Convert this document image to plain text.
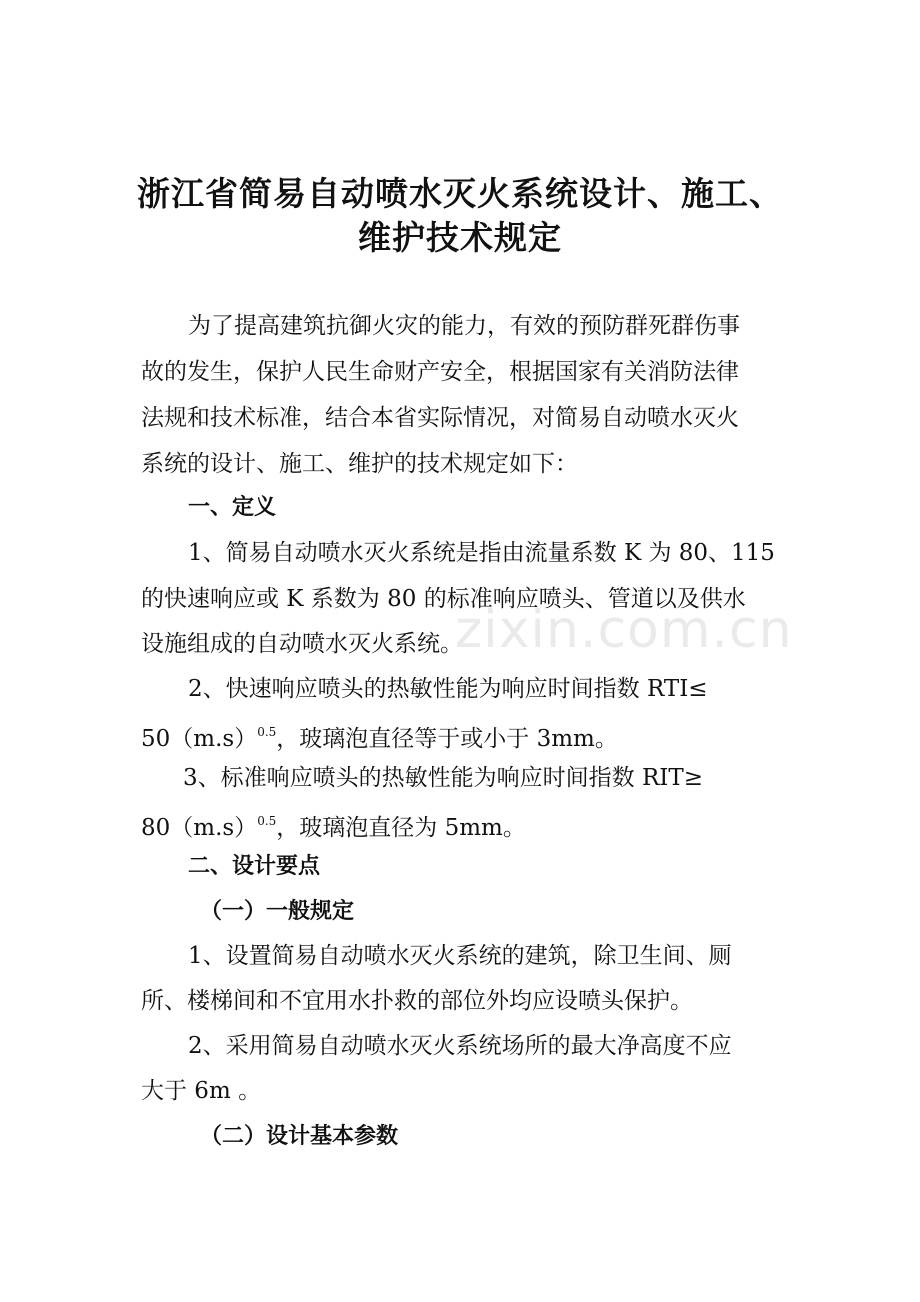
浙江省简易自动喷水灭火系统设计、施工、
维护技术规定

为了提高建筑抗御火灾的能力，有效的预防群死群伤事

故的发生，保护人民生命财产安全，根据国家有关消防法律

法规和技术标准，结合本省实际情况，对简易自动喷水灭火

系统的设计、施工、维护的技术规定如下：

一、定义

1、简易自动喷水灭火系统是指由流量系数 K 为 80、115

的快速响应或 K 系数为 80 的标准响应喷头、管道以及供水

设施组成的自动喷水灭火系统。

2、快速响应喷头的热敏性能为响应时间指数 RTI≤

$50(m.s)^{0.5}$，玻璃泡直径等于或小于 3mm。

3、标准响应喷头的热敏性能为响应时间指数 RIT≥

$80(m.s)^{0.5}$，玻璃泡直径为 5mm。

二、设计要点

（一）一般规定

1、设置简易自动喷水灭火系统的建筑，除卫生间、厕

所、楼梯间和不宜用水扑救的部位外均应设喷头保护。

2、采用简易自动喷水灭火系统场所的最大净高度不应

大于 6m 。

（二）设计基本参数

zixin.com.cn
